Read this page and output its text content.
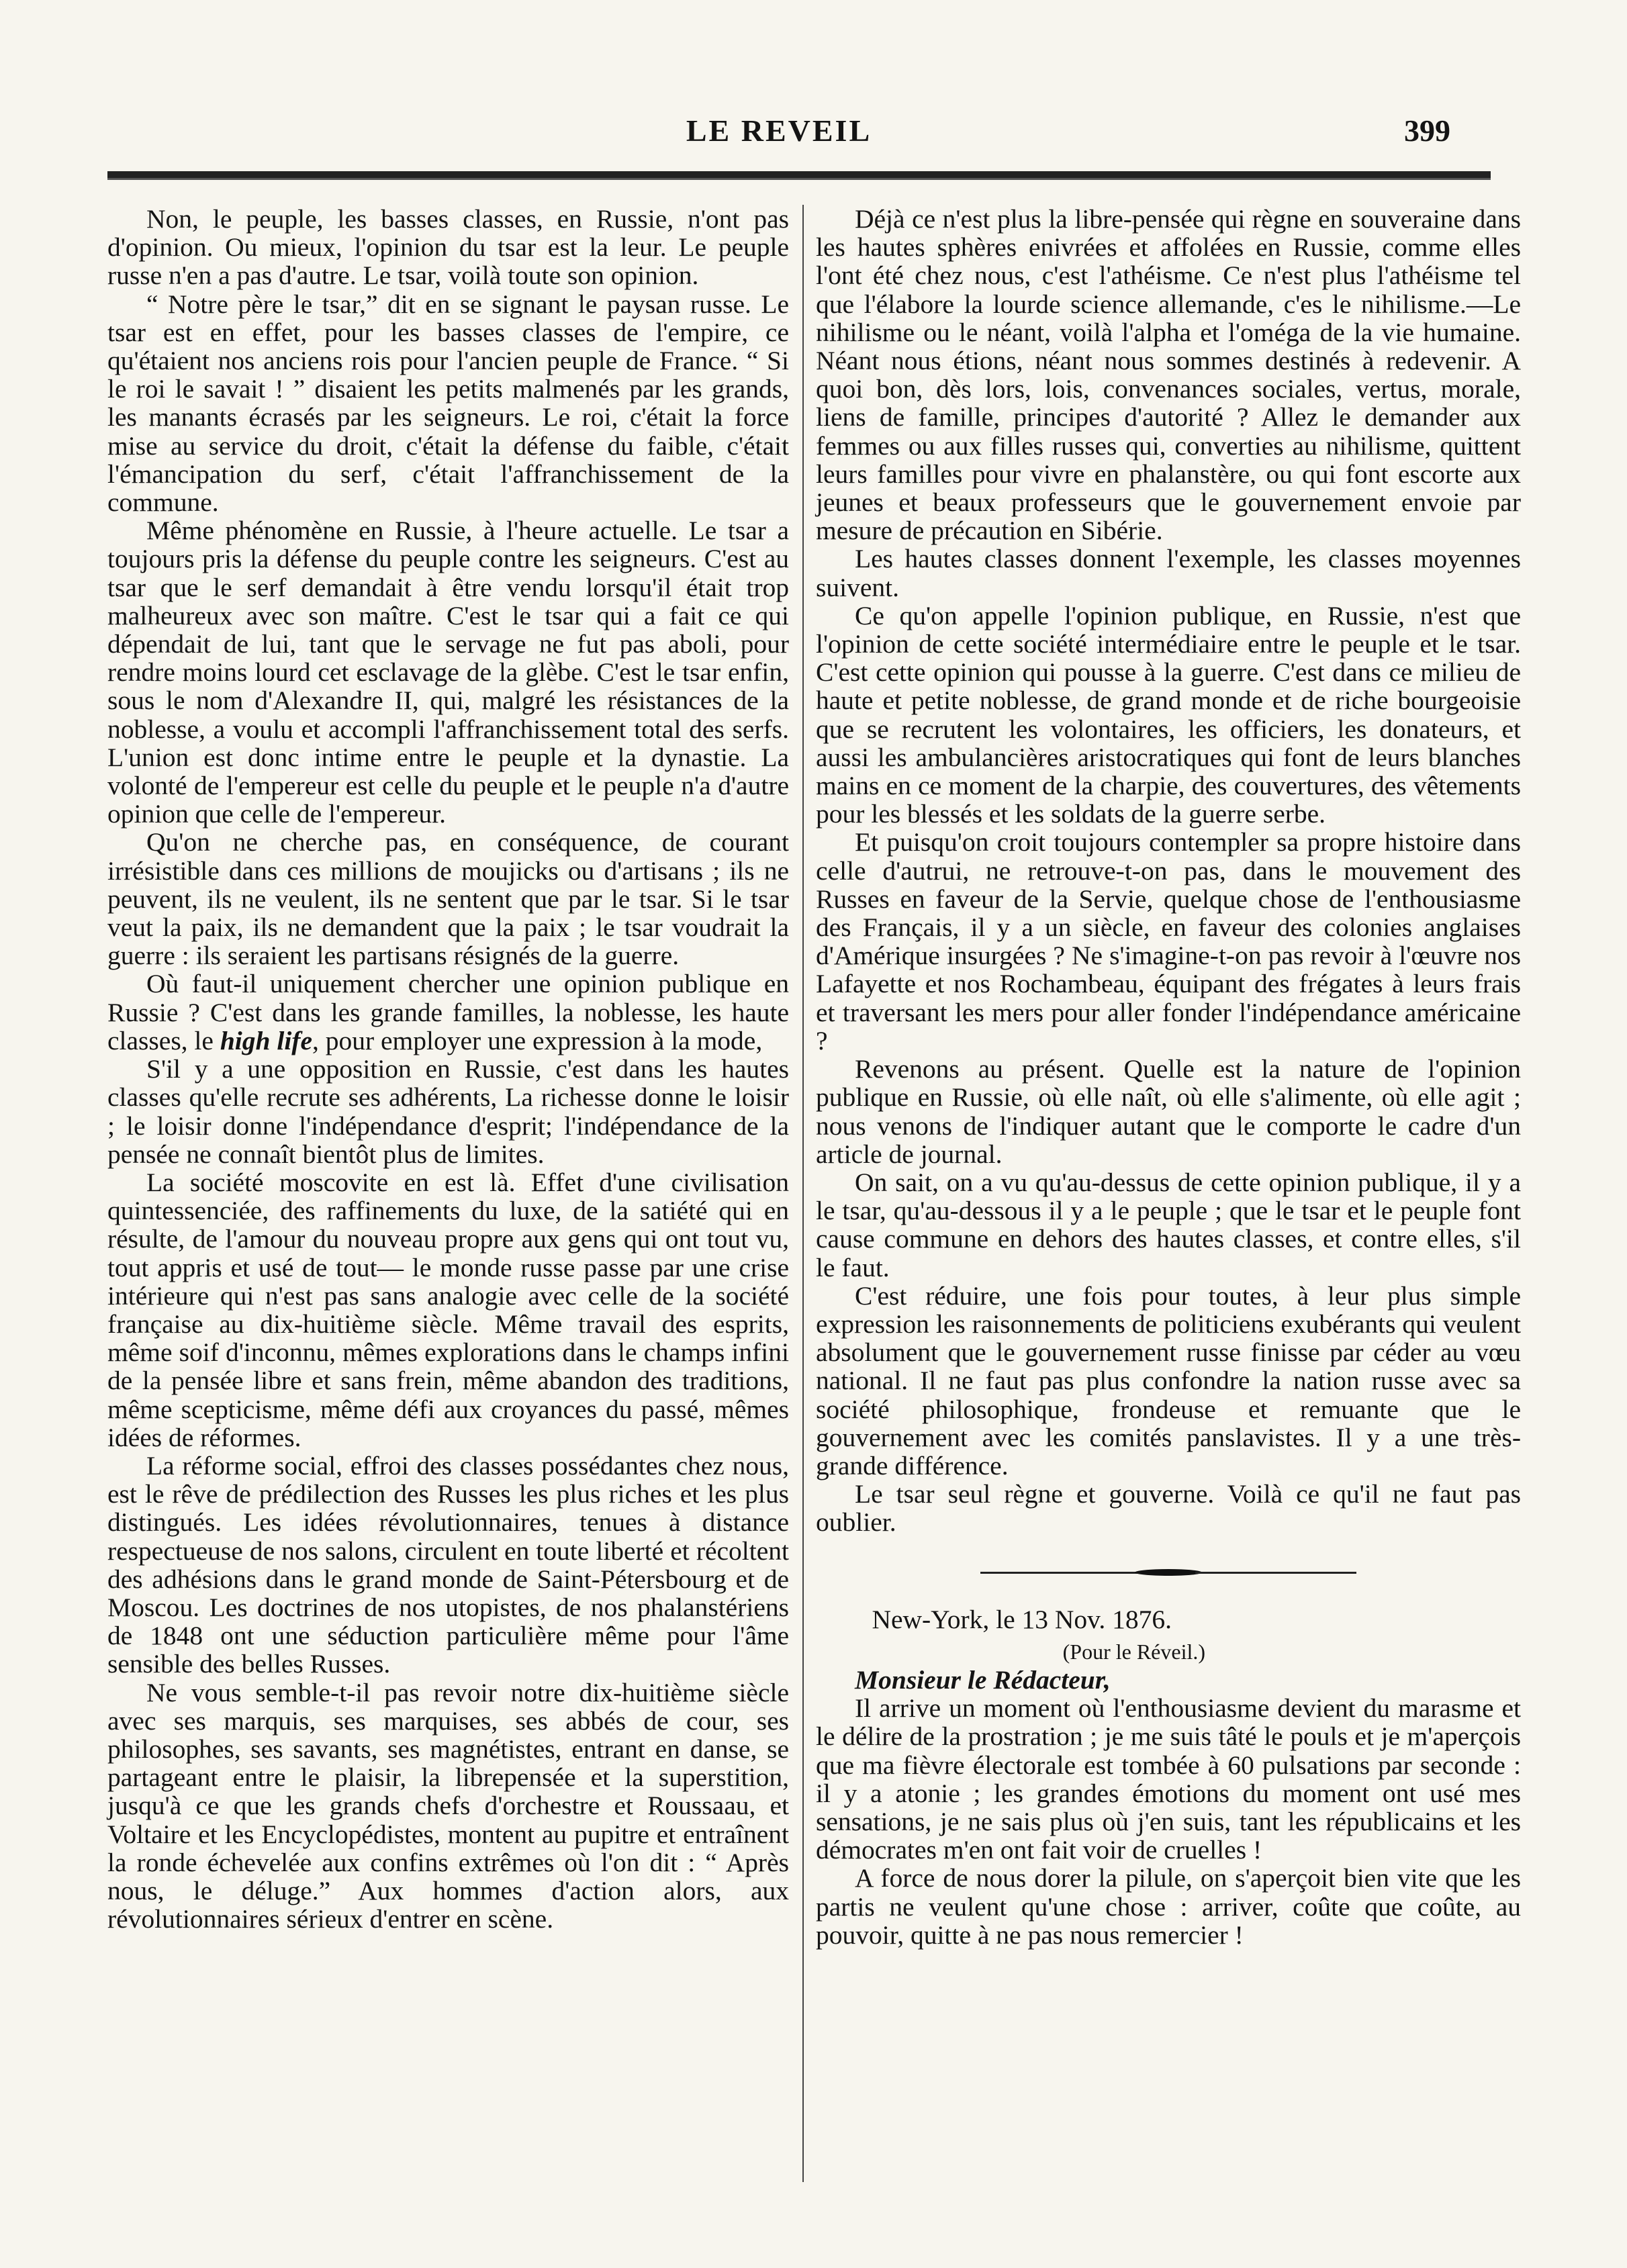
LE REVEIL	399

Non, le peuple, les basses classes, en Russie, n'ont pas d'opinion. Ou mieux, l'opinion du tsar est la leur. Le peuple russe n'en a pas d'autre. Le tsar, voilà toute son opinion.

“ Notre père le tsar,” dit en se signant le paysan russe. Le tsar est en effet, pour les basses classes de l'empire, ce qu'étaient nos anciens rois pour l'ancien peuple de France. “ Si le roi le savait ! ” disaient les petits malmenés par les grands, les manants écrasés par les seigneurs. Le roi, c'était la force mise au service du droit, c'était la défense du faible, c'était l'émancipation du serf, c'était l'affranchissement de la commune.

Même phénomène en Russie, à l'heure actuelle. Le tsar a toujours pris la défense du peuple contre les seigneurs. C'est au tsar que le serf demandait à être vendu lorsqu'il était trop malheureux avec son maître. C'est le tsar qui a fait ce qui dépendait de lui, tant que le servage ne fut pas aboli, pour rendre moins lourd cet esclavage de la glèbe. C'est le tsar enfin, sous le nom d'Alexandre II, qui, malgré les résistances de la noblesse, a voulu et accompli l'affranchissement total des serfs. L'union est donc intime entre le peuple et la dynastie. La volonté de l'empereur est celle du peuple et le peuple n'a d'autre opinion que celle de l'empereur.

Qu'on ne cherche pas, en conséquence, de courant irrésistible dans ces millions de moujicks ou d'artisans ; ils ne peuvent, ils ne veulent, ils ne sentent que par le tsar. Si le tsar veut la paix, ils ne demandent que la paix ; le tsar voudrait la guerre : ils seraient les partisans résignés de la guerre.

Où faut-il uniquement chercher une opinion publique en Russie ? C'est dans les grande familles, la noblesse, les haute classes, le high life, pour employer une expression à la mode,

S'il y a une opposition en Russie, c'est dans les hautes classes qu'elle recrute ses adhérents, La richesse donne le loisir ; le loisir donne l'indépendance d'esprit; l'indépendance de la pensée ne connaît bientôt plus de limites.

La société moscovite en est là. Effet d'une civilisation quintessenciée, des raffinements du luxe, de la satiété qui en résulte, de l'amour du nouveau propre aux gens qui ont tout vu, tout appris et usé de tout— le monde russe passe par une crise intérieure qui n'est pas sans analogie avec celle de la société française au dix-huitième siècle. Même travail des esprits, même soif d'inconnu, mêmes explorations dans le champs infini de la pensée libre et sans frein, même abandon des traditions, même scepticisme, même défi aux croyances du passé, mêmes idées de réformes.

La réforme social, effroi des classes possédantes chez nous, est le rêve de prédilection des Russes les plus riches et les plus distingués. Les idées révolutionnaires, tenues à distance respectueuse de nos salons, circulent en toute liberté et récoltent des adhésions dans le grand monde de Saint-Pétersbourg et de Moscou. Les doctrines de nos utopistes, de nos phalanstériens de 1848 ont une séduction particulière même pour l'âme sensible des belles Russes.

Ne vous semble-t-il pas revoir notre dix-huitième siècle avec ses marquis, ses marquises, ses abbés de cour, ses philosophes, ses savants, ses magnétistes, entrant en danse, se partageant entre le plaisir, la librepensée et la superstition, jusqu'à ce que les grands chefs d'orchestre et Roussaau, et Voltaire et les Encyclopédistes, montent au pupitre et entraînent la ronde échevelée aux confins extrêmes où l'on dit : “ Après nous, le déluge.” Aux hommes d'action alors, aux révolutionnaires sérieux d'entrer en scène.

Déjà ce n'est plus la libre-pensée qui règne en souveraine dans les hautes sphères enivrées et affolées en Russie, comme elles l'ont été chez nous, c'est l'athéisme. Ce n'est plus l'athéisme tel que l'élabore la lourde science allemande, c'es le nihilisme.—Le nihilisme ou le néant, voilà l'alpha et l'oméga de la vie humaine. Néant nous étions, néant nous sommes destinés à redevenir. A quoi bon, dès lors, lois, convenances sociales, vertus, morale, liens de famille, principes d'autorité ? Allez le demander aux femmes ou aux filles russes qui, converties au nihilisme, quittent leurs familles pour vivre en phalanstère, ou qui font escorte aux jeunes et beaux professeurs que le gouvernement envoie par mesure de précaution en Sibérie.

Les hautes classes donnent l'exemple, les classes moyennes suivent.

Ce qu'on appelle l'opinion publique, en Russie, n'est que l'opinion de cette société intermédiaire entre le peuple et le tsar. C'est cette opinion qui pousse à la guerre. C'est dans ce milieu de haute et petite noblesse, de grand monde et de riche bourgeoisie que se recrutent les volontaires, les officiers, les donateurs, et aussi les ambulancières aristocratiques qui font de leurs blanches mains en ce moment de la charpie, des couvertures, des vêtements pour les blessés et les soldats de la guerre serbe.

Et puisqu'on croit toujours contempler sa propre histoire dans celle d'autrui, ne retrouve-t-on pas, dans le mouvement des Russes en faveur de la Servie, quelque chose de l'enthousiasme des Français, il y a un siècle, en faveur des colonies anglaises d'Amérique insurgées ? Ne s'imagine-t-on pas revoir à l'œuvre nos Lafayette et nos Rochambeau, équipant des frégates à leurs frais et traversant les mers pour aller fonder l'indépendance américaine ?

Revenons au présent. Quelle est la nature de l'opinion publique en Russie, où elle naît, où elle s'alimente, où elle agit ; nous venons de l'indiquer autant que le comporte le cadre d'un article de journal.

On sait, on a vu qu'au-dessus de cette opinion publique, il y a le tsar, qu'au-dessous il y a le peuple ; que le tsar et le peuple font cause commune en dehors des hautes classes, et contre elles, s'il le faut.

C'est réduire, une fois pour toutes, à leur plus simple expression les raisonnements de politiciens exubérants qui veulent absolument que le gouvernement russe finisse par céder au vœu national. Il ne faut pas plus confondre la nation russe avec sa société philosophique, frondeuse et remuante que le gouvernement avec les comités panslavistes. Il y a une très-grande différence.

Le tsar seul règne et gouverne. Voilà ce qu'il ne faut pas oublier.

New-York, le 13 Nov. 1876.
(Pour le Réveil.)

Monsieur le Rédacteur,

Il arrive un moment où l'enthousiasme devient du marasme et le délire de la prostration ; je me suis tâté le pouls et je m'aperçois que ma fièvre électorale est tombée à 60 pulsations par seconde : il y a atonie ; les grandes émotions du moment ont usé mes sensations, je ne sais plus où j'en suis, tant les républicains et les démocrates m'en ont fait voir de cruelles !

A force de nous dorer la pilule, on s'aperçoit bien vite que les partis ne veulent qu'une chose : arriver, coûte que coûte, au pouvoir, quitte à ne pas nous remercier !
